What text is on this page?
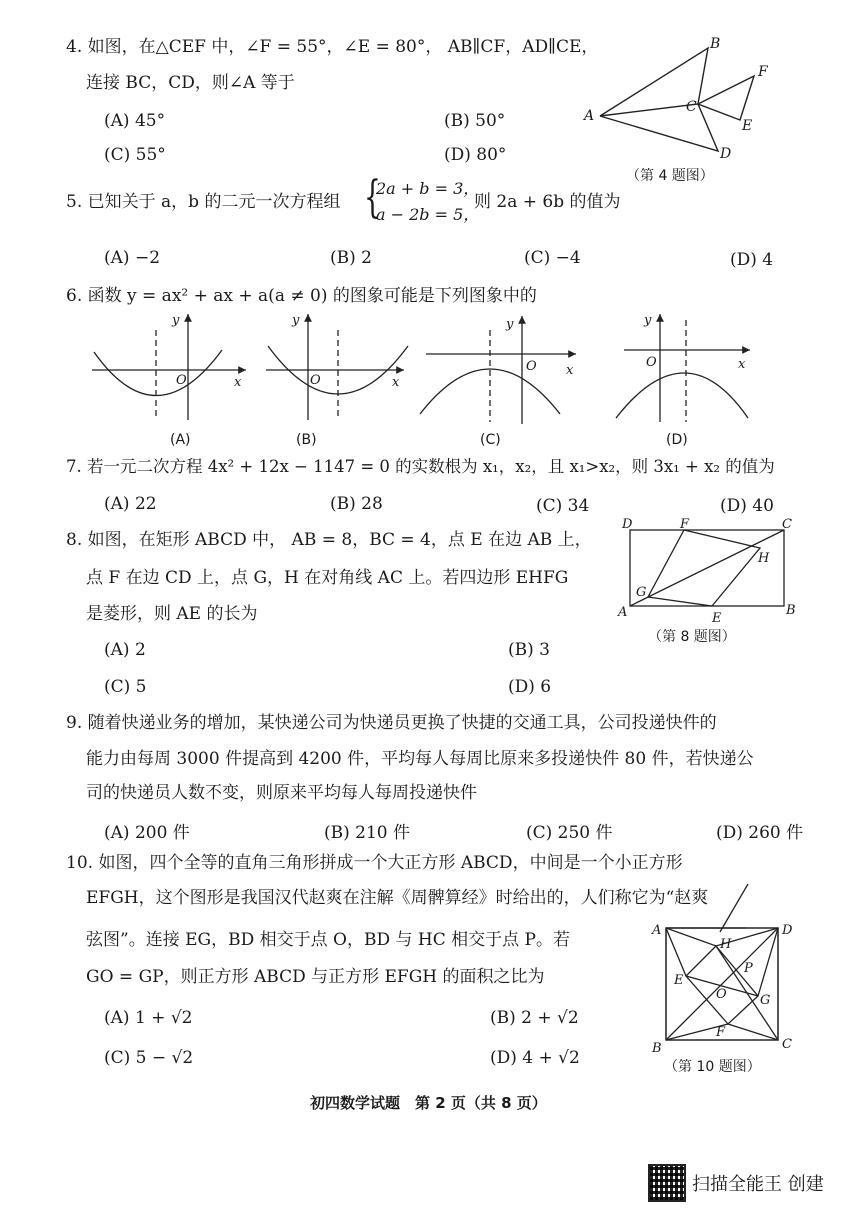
4. 如图，在△CEF 中，∠F = 55°，∠E = 80°， AB∥CF，AD∥CE，
连接 BC，CD，则∠A 等于
(A) 45°	(B) 50°
(C) 55°	(D) 80°
A
B
C
D
E
F
（第 4 题图）
5. 已知关于 a，b 的二元一次方程组 {
2a + b = 3，
a − 2b = 5，
则 2a + 6b 的值为
(A) −2	(B) 2	(C) −4	(D) 4
6. 函数 y = ax² + ax + a(a ≠ 0) 的图象可能是下列图象中的
y
O	x
y
O	x
y
O x
y
O	x
(A)	(B)	(C)	(D)
7. 若一元二次方程 4x² + 12x − 1147 = 0 的实数根为 x₁，x₂，且 x₁>x₂，则 3x₁ + x₂ 的值为
(A) 22	(B) 28	(C) 34	(D) 40
8. 如图，在矩形 ABCD 中， AB = 8，BC = 4，点 E 在边 AB 上，
点 F 在边 CD 上，点 G，H 在对角线 AC 上。若四边形 EHFG
是菱形，则 AE 的长为
(A) 2	(B) 3
(C) 5	(D) 6
D	F	C
H
G
A	E
B
（第 8 题图）
9. 随着快递业务的增加，某快递公司为快递员更换了快捷的交通工具，公司投递快件的
能力由每周 3000 件提高到 4200 件，平均每人每周比原来多投递快件 80 件，若快递公
司的快递员人数不变，则原来平均每人每周投递快件
(A) 200 件	(B) 210 件	(C) 250 件	(D) 260 件
10. 如图，四个全等的直角三角形拼成一个大正方形 ABCD，中间是一个小正方形
EFGH，这个图形是我国汉代赵爽在注解《周髀算经》时给出的，人们称它为“赵爽
弦图”。连接 EG，BD 相交于点 O，BD 与 HC 相交于点 P。若
GO = GP，则正方形 ABCD 与正方形 EFGH 的面积之比为
(A) 1 + √2	(B) 2 + √2
(C) 5 − √2	(D) 4 + √2
A	D
B	C
H
E
G
F
O
P
（第 10 题图）
初四数学试题　第 2 页（共 8 页）
扫描全能王 创建
